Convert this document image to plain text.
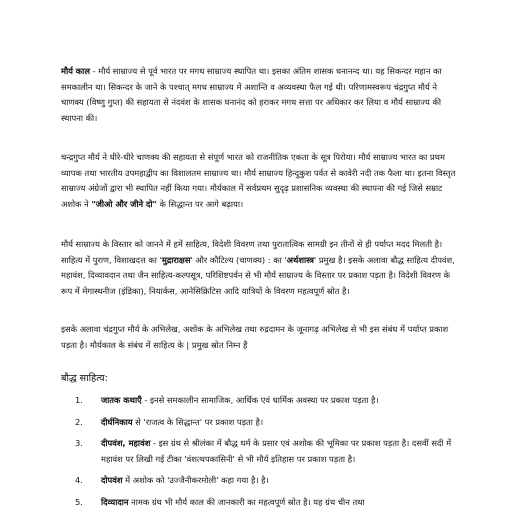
मौर्य काल - मौर्य साम्राज्य से पूर्व भारत पर मगध साम्राज्य स्थापित था। इसका अंतिम शासक धनानन्द था। यह सिकन्दर महान का समकालीन था। सिकन्दर के जाने के पश्चात् मगध साम्राज्य में अशान्ति व अव्यवस्था फैल गई थी। परिणामस्वरूप चंद्रगुप्त मौर्य ने चाणक्य (विष्णु गुप्त) की सहायता से नंदवंश के शासक घनानंद को हराकर मगध सत्ता पर अधिकार कर लिया व मौर्य साम्राज्य की स्थापना की।

चन्द्रगुप्त मौर्य ने धीरे-धीरे चाणक्य की सहायता से संपूर्ण भारत को राजनीतिक एकता के सूत्र पिरोया। मौर्य साम्राज्य भारत का प्रथम व्यापक तथा भारतीय उपमहाद्वीप का विशालतम साम्राज्य था। मौर्य साम्राज्य हिन्दुकुश पर्वत से कावेरी नदी तक फैला था। इतना विस्तृत साम्राज्य अंग्रेजों द्वारा भी स्थापित नहीं किया गया। मौर्यकाल में सर्वप्रथम सुदृढ़ प्रशासनिक व्यवस्था की स्थापना की गई जिसे सम्राट अशोक ने "जीओ और जीने दो" के सिद्धान्त पर आगे बढ़ाया।

मौर्य साम्राज्य के विस्तार को जानने में हमें साहित्य, विदेशी विवरण तथा पुरातात्विक सामग्री इन तीनों से ही पर्याप्त मदद मिलती है। साहित्य में पुराण, विशाखदत्त का 'मुद्राराक्षस' और कौटिल्य (चाणक्य) : का 'अर्थशास्त्र' प्रमुख है। इसके अलावा बौद्ध साहित्य दीपवंश, महावंश, दिव्यावदान तथा जैन साहित्य-कल्पसूत्र, परिशिष्टपर्वन से भी मौर्य साम्राज्य के विस्तार पर प्रकाश पड़ता है। विदेशी विवरण के रूप में मेगास्थनीज (इंडिका), नियार्कस, आनेसिक्रिटिस आदि यात्रियों के विवरण महत्वपूर्ण स्रोत है।

इसके अलावा चंद्रगुप्त मौर्य के अभिलेख, अशोक के अभिलेख तथा रुद्रदामन के जूनागढ़ अभिलेख से भी इस संबंध में पर्याप्त प्रकाश पड़ता है। मौर्यकाल के संबंध में साहित्य के | प्रमुख स्रोत निम्न हैं

बौद्ध साहित्य:

1. जातक कथाएँ - इनसे समकालीन सामाजिक, आर्थिक एवं धार्मिक अवस्था पर प्रकाश पड़ता है।
2. दीर्घनिकाय से 'राजत्व के सिद्धान्त' पर प्रकाश पड़ता है।
3. दीपवंश, महावंश - इस ग्रंथ से श्रीलंका में बौद्ध धर्म के प्रसार एवं अशोक की भूमिका पर प्रकाश पड़ता है। दसवीं सदी में महावंश पर लिखी गई टीका 'वंशत्थपकासिनी' से भी मौर्य इतिहास पर प्रकाश पड़ता है।
4. दोपवंश में अशोक को 'उज्जैनीकरमोली' कहा गया है। है।
5. दिव्यादान नामक ग्रंथ भी मौर्य काल की जानकारी का महत्वपूर्ण स्रोत है। यह ग्रंथ चीन तथा
